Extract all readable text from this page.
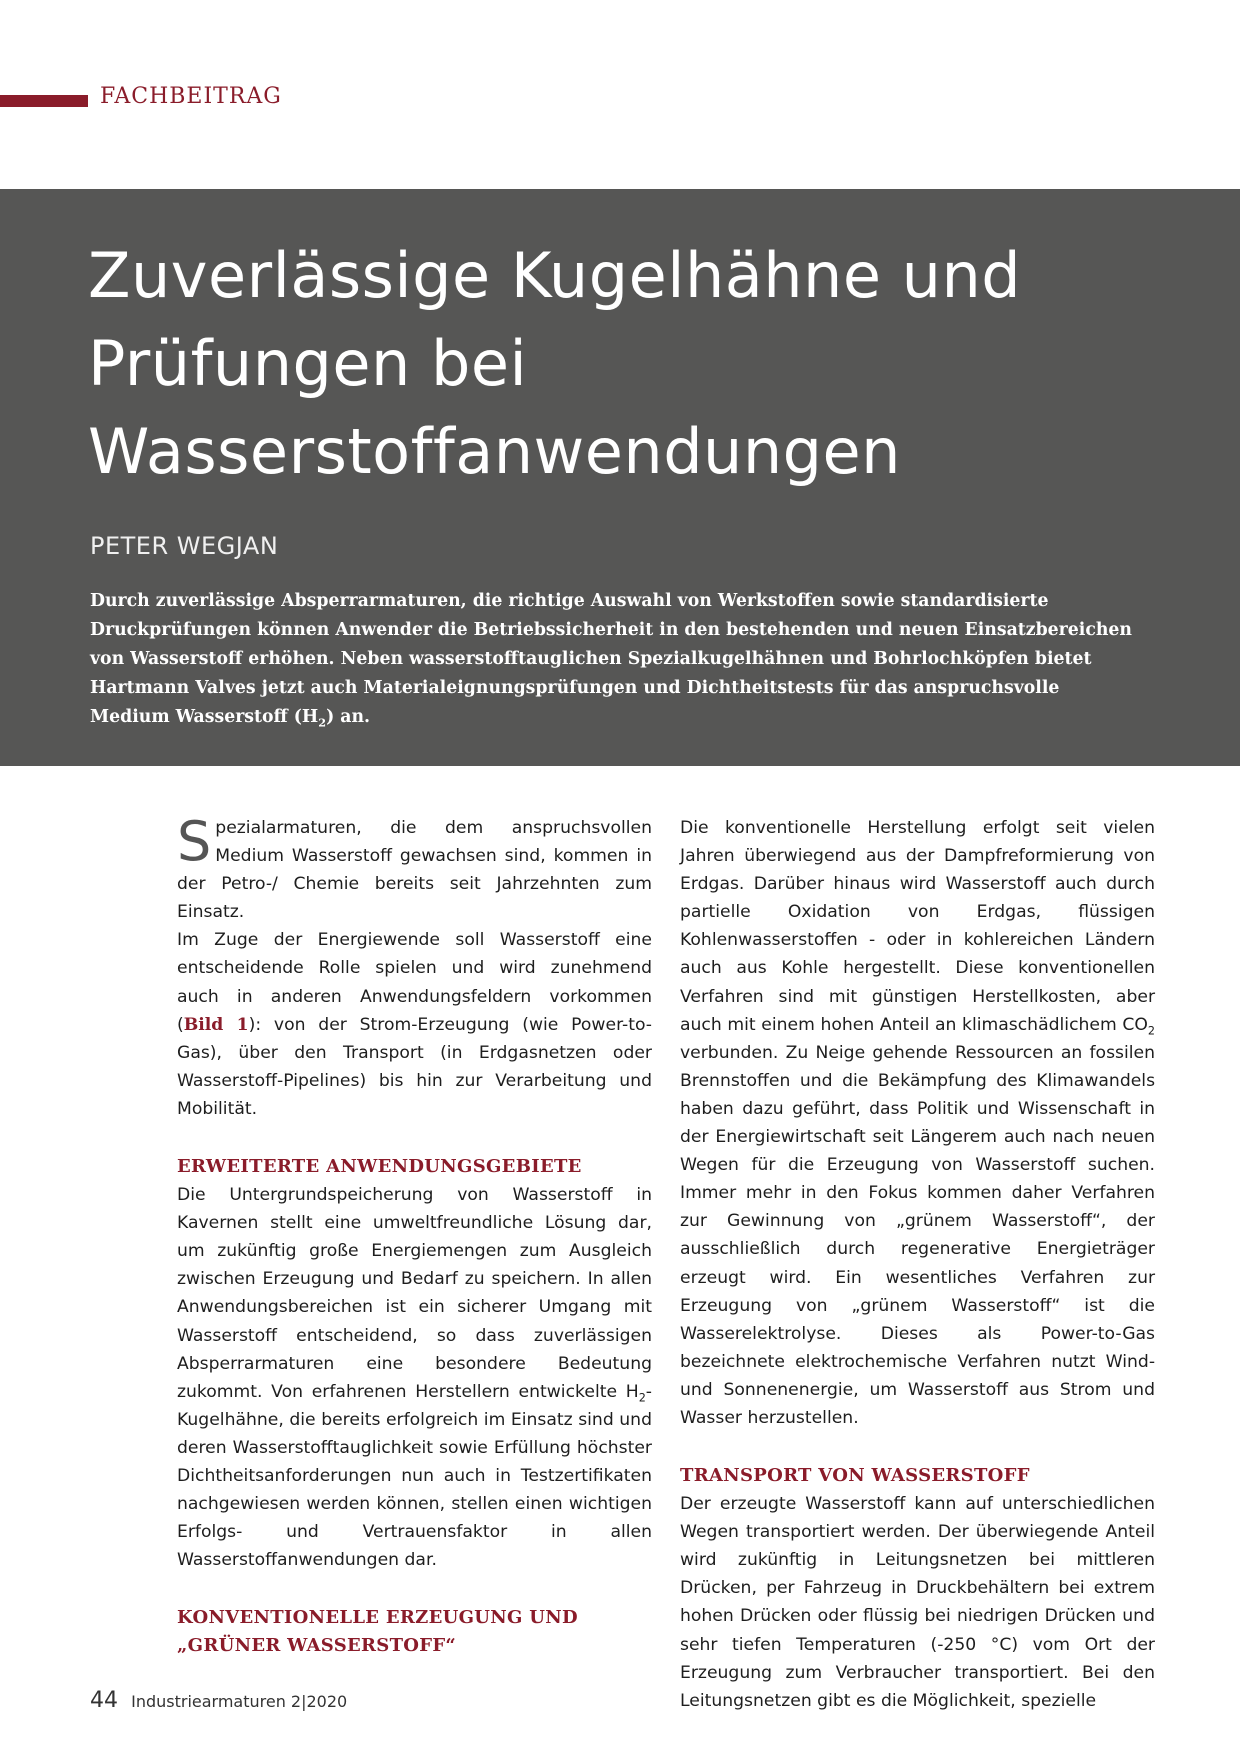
FACHBEITRAG
Zuverlässige Kugelhähne und Prüfungen bei Wasserstoffanwendungen
PETER WEGJAN

Durch zuverlässige Absperrarmaturen, die richtige Auswahl von Werkstoffen sowie standardisierte Druckprüfungen können Anwender die Betriebssicherheit in den bestehenden und neuen Einsatzbereichen von Wasserstoff erhöhen. Neben wasserstofftauglichen Spezialkugelhähnen und Bohrlochköpfen bietet Hartmann Valves jetzt auch Materialeignungsprüfungen und Dichtheitstests für das anspruchsvolle Medium Wasserstoff $(H_2)$ an.

Spezialarmaturen, die dem anspruchsvollen Medium Wasserstoff gewachsen sind, kommen in der Petro-/ Chemie bereits seit Jahrzehnten zum Einsatz.

Im Zuge der Energiewende soll Wasserstoff eine entscheidende Rolle spielen und wird zunehmend auch in anderen Anwendungsfeldern vorkommen (Bild 1): von der Strom-Erzeugung (wie Power-to-Gas), über den Transport (in Erdgasnetzen oder Wasserstoff-Pipelines) bis hin zur Verarbeitung und Mobilität.

ERWEITERTE ANWENDUNGSGEBIETE

Die Untergrundspeicherung von Wasserstoff in Kavernen stellt eine umweltfreundliche Lösung dar, um zukünftig große Energiemengen zum Ausgleich zwischen Erzeugung und Bedarf zu speichern. In allen Anwendungsbereichen ist ein sicherer Umgang mit Wasserstoff entscheidend, so dass zuverlässigen Absperrarmaturen eine besondere Bedeutung zukommt. Von erfahrenen Herstellern entwickelte $H_2$-Kugelhähne, die bereits erfolgreich im Einsatz sind und deren Wasserstofftauglichkeit sowie Erfüllung höchster Dichtheitsanforderungen nun auch in Testzertifikaten nachgewiesen werden können, stellen einen wichtigen Erfolgs- und Vertrauensfaktor in allen Wasserstoffanwendungen dar.

KONVENTIONELLE ERZEUGUNG UND „GRÜNER WASSERSTOFF“

Die konventionelle Herstellung erfolgt seit vielen Jahren überwiegend aus der Dampfreformierung von Erdgas. Darüber hinaus wird Wasserstoff auch durch partielle Oxidation von Erdgas, flüssigen Kohlenwasserstoffen - oder in kohlereichen Ländern auch aus Kohle hergestellt. Diese konventionellen Verfahren sind mit günstigen Herstellkosten, aber auch mit einem hohen Anteil an klimaschädlichem $CO_2$ verbunden. Zu Neige gehende Ressourcen an fossilen Brennstoffen und die Bekämpfung des Klimawandels haben dazu geführt, dass Politik und Wissenschaft in der Energiewirtschaft seit Längerem auch nach neuen Wegen für die Erzeugung von Wasserstoff suchen. Immer mehr in den Fokus kommen daher Verfahren zur Gewinnung von „grünem Wasserstoff“, der ausschließlich durch regenerative Energieträger erzeugt wird. Ein wesentliches Verfahren zur Erzeugung von „grünem Wasserstoff“ ist die Wasserelektrolyse. Dieses als Power-to-Gas bezeichnete elektrochemische Verfahren nutzt Wind- und Sonnenenergie, um Wasserstoff aus Strom und Wasser herzustellen.

TRANSPORT VON WASSERSTOFF

Der erzeugte Wasserstoff kann auf unterschiedlichen Wegen transportiert werden. Der überwiegende Anteil wird zukünftig in Leitungsnetzen bei mittleren Drücken, per Fahrzeug in Druckbehältern bei extrem hohen Drücken oder flüssig bei niedrigen Drücken und sehr tiefen Temperaturen (-250 °C) vom Ort der Erzeugung zum Verbraucher transportiert. Bei den Leitungsnetzen gibt es die Möglichkeit, spezielle

44 Industriearmaturen 2|2020
